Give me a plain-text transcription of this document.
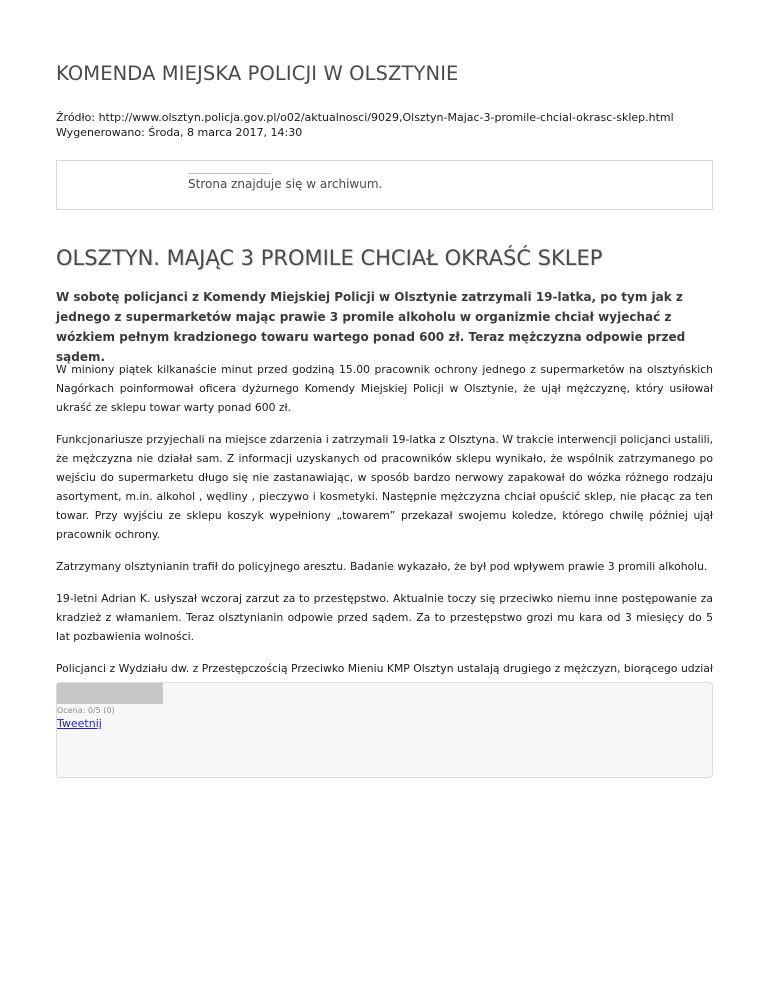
KOMENDA MIEJSKA POLICJI W OLSZTYNIE
Źródło: http://www.olsztyn.policja.gov.pl/o02/aktualnosci/9029,Olsztyn-Majac-3-promile-chcial-okrasc-sklep.html
Wygenerowano: Środa, 8 marca 2017, 14:30
Strona znajduje się w archiwum.
OLSZTYN. MAJĄC 3 PROMILE CHCIAŁ OKRAŚĆ SKLEP

W sobotę policjanci z Komendy Miejskiej Policji w Olsztynie zatrzymali 19-latka, po tym jak z jednego z supermarketów mając prawie 3 promile alkoholu w organizmie chciał wyjechać z wózkiem pełnym kradzionego towaru wartego ponad 600 zł. Teraz mężczyzna odpowie przed sądem.

W miniony piątek kilkanaście minut przed godziną 15.00 pracownik ochrony jednego z supermarketów na olsztyńskich Nagórkach poinformował oficera dyżurnego Komendy Miejskiej Policji w Olsztynie, że ujął mężczyznę, który usiłował ukraść ze sklepu towar warty ponad 600 zł.

Funkcjonariusze przyjechali na miejsce zdarzenia i zatrzymali 19-latka z Olsztyna. W trakcie interwencji policjanci ustalili, że mężczyzna nie działał sam. Z informacji uzyskanych od pracowników sklepu wynikało, że wspólnik zatrzymanego po wejściu do supermarketu długo się nie zastanawiając, w sposób bardzo nerwowy zapakował do wózka różnego rodzaju asortyment, m.in. alkohol , wędliny , pieczywo i kosmetyki. Następnie mężczyzna chciał opuścić sklep, nie płacąc za ten towar. Przy wyjściu ze sklepu koszyk wypełniony „towarem” przekazał swojemu koledze, którego chwilę później ujął pracownik ochrony.

Zatrzymany olsztynianin trafił do policyjnego aresztu. Badanie wykazało, że był pod wpływem prawie 3 promili alkoholu.

19-letni Adrian K. usłyszał wczoraj zarzut za to przestępstwo. Aktualnie toczy się przeciwko niemu inne postępowanie za kradzież z włamaniem. Teraz olsztynianin odpowie przed sądem. Za to przestępstwo grozi mu kara od 3 miesięcy do 5 lat pozbawienia wolności.

Policjanci z Wydziału dw. z Przestępczością Przeciwko Mieniu KMP Olsztyn ustalają drugiego z mężczyzn, biorącego udział

Ocena: 0/5 (0)
Tweetnij
